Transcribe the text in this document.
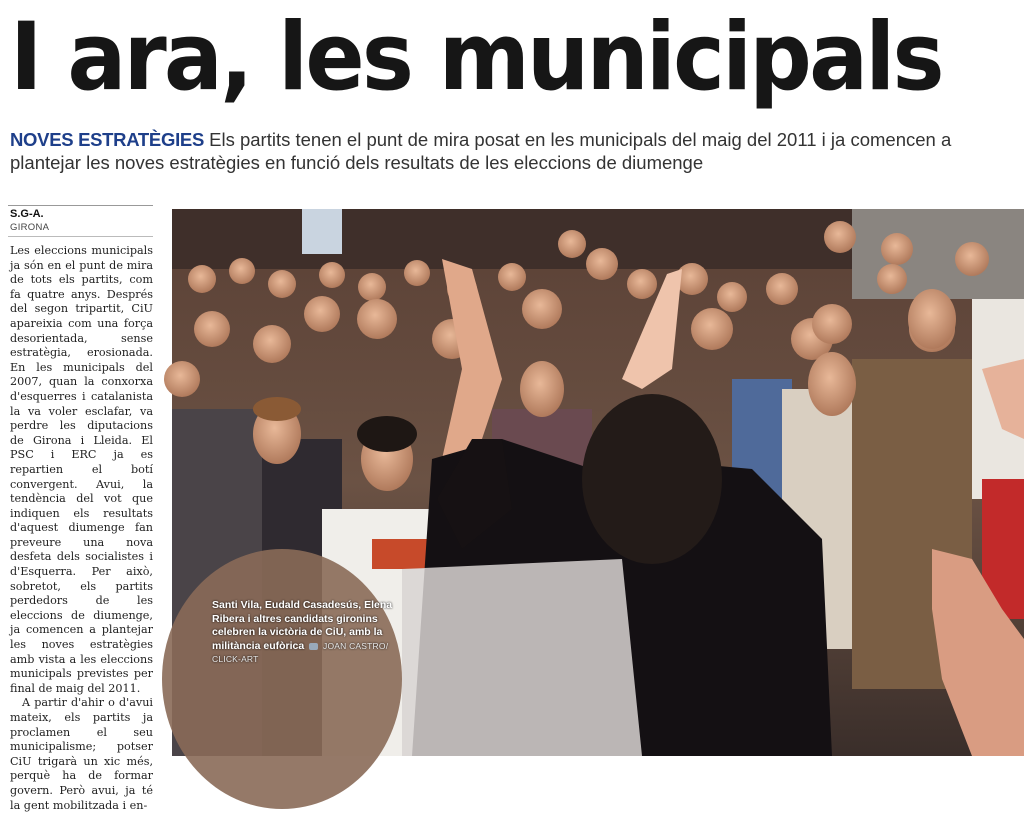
I ara, les municipals
NOVES ESTRATÈGIES Els partits tenen el punt de mira posat en les municipals del maig del 2011 i ja comencen a plantejar les noves estratègies en funció dels resultats de les eleccions de diumenge
S.G-A.
GIRONA

Les eleccions municipals ja són en el punt de mira de tots els partits, com fa quatre anys. Després del segon tripartit, CiU apareixia com una força desorientada, sense estratègia, erosionada. En les municipals del 2007, quan la conxorxa d'esquerres i catalanista la va voler esclafar, va perdre les diputacions de Girona i Lleida. El PSC i ERC ja es repartien el botí convergent. Avui, la tendència del vot que indiquen els resultats d'aquest diumenge fan preveure una nova desfeta dels socialistes i d'Esquerra. Per això, sobretot, els partits perdedors de les eleccions de diumenge, ja comencen a plantejar les noves estratègies amb vista a les eleccions municipals previstes per final de maig del 2011.

A partir d'ahir o d'avui mateix, els partits ja proclamen el seu municipalisme; potser CiU trigarà un xic més, perquè ha de formar govern. Però avui, ja té la gent mobilitzada i en-

Santi Vila, Eudald Casadesús, Elena Ribera i altres candidats gironins celebren la victòria de CiU, amb la militància eufòrica JOAN CASTRO/ CLICK-ART
